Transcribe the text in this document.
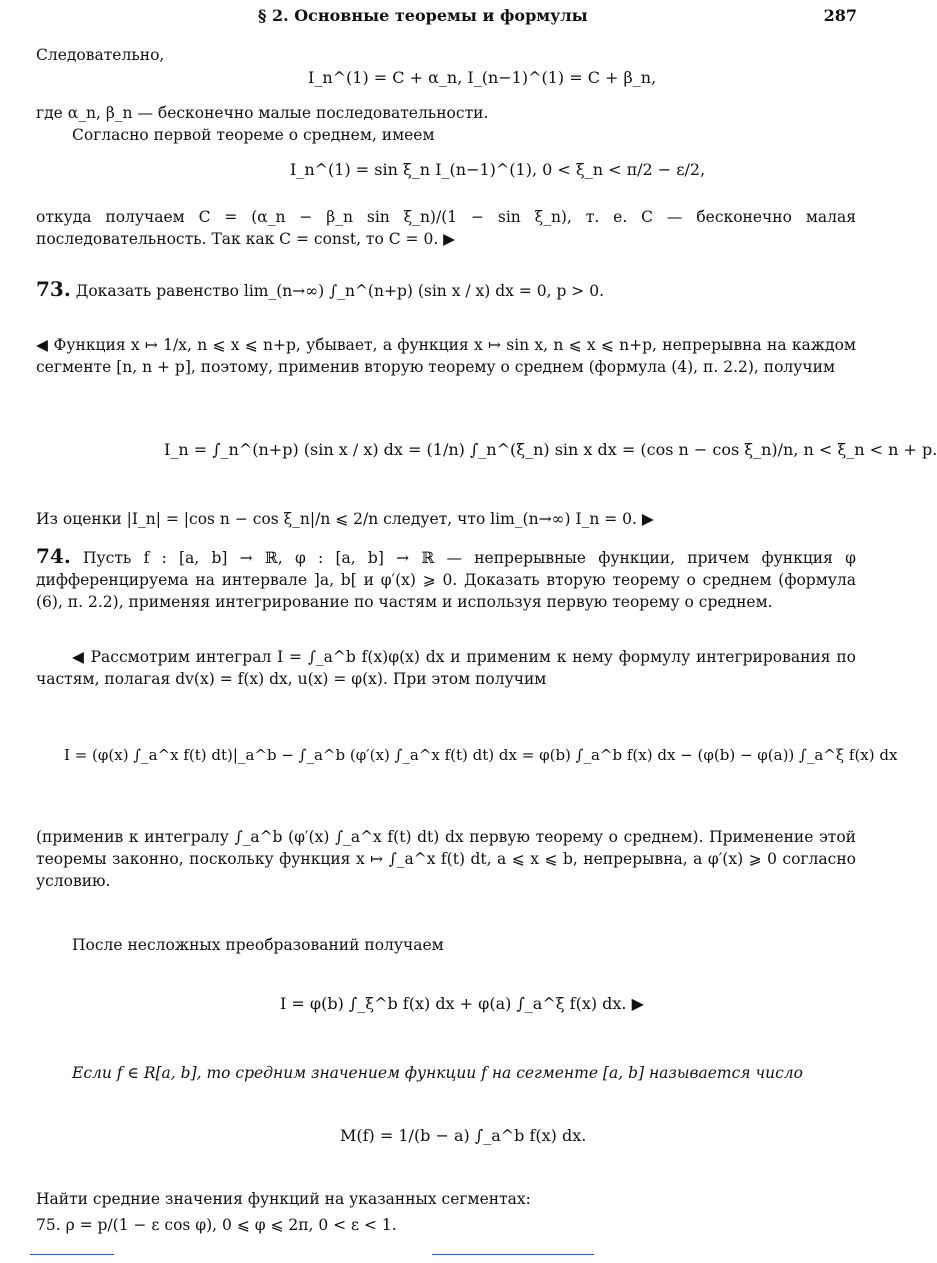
§ 2. Основные теоремы и формулы	287
Следовательно,
I_n^(1) = C + α_n, I_(n−1)^(1) = C + β_n,
где α_n, β_n — бесконечно малые последовательности.
Согласно первой теореме о среднем, имеем
I_n^(1) = sin ξ_n I_(n−1)^(1), 0 < ξ_n < π/2 − ε/2,
откуда получаем C = (α_n − β_n sin ξ_n)/(1 − sin ξ_n), т. е. C — бесконечно малая последовательность. Так как C = const, то C = 0. ▶
73. Доказать равенство lim_(n→∞) ∫_n^(n+p) (sin x / x) dx = 0, p > 0.
◀ Функция x ↦ 1/x, n ⩽ x ⩽ n+p, убывает, а функция x ↦ sin x, n ⩽ x ⩽ n+p, непрерывна на каждом сегменте [n, n + p], поэтому, применив вторую теорему о среднем (формула (4), п. 2.2), получим
I_n = ∫_n^(n+p) (sin x / x) dx = (1/n) ∫_n^(ξ_n) sin x dx = (cos n − cos ξ_n)/n, n < ξ_n < n + p.
Из оценки |I_n| = |cos n − cos ξ_n|/n ⩽ 2/n следует, что lim_(n→∞) I_n = 0. ▶
74. Пусть f : [a, b] → ℝ, φ : [a, b] → ℝ — непрерывные функции, причем функция φ дифференцируема на интервале ]a, b[ и φ′(x) ⩾ 0. Доказать вторую теорему о среднем (формула (6), п. 2.2), применяя интегрирование по частям и используя первую теорему о среднем.
◀ Рассмотрим интеграл I = ∫_a^b f(x)φ(x) dx и применим к нему формулу интегрирования по частям, полагая dv(x) = f(x) dx, u(x) = φ(x). При этом получим
I = (φ(x) ∫_a^x f(t) dt)|_a^b − ∫_a^b (φ′(x) ∫_a^x f(t) dt) dx = φ(b) ∫_a^b f(x) dx − (φ(b) − φ(a)) ∫_a^ξ f(x) dx
(применив к интегралу ∫_a^b (φ′(x) ∫_a^x f(t) dt) dx первую теорему о среднем). Применение этой теоремы законно, поскольку функция x ↦ ∫_a^x f(t) dt, a ⩽ x ⩽ b, непрерывна, а φ′(x) ⩾ 0 согласно условию.
После несложных преобразований получаем
I = φ(b) ∫_ξ^b f(x) dx + φ(a) ∫_a^ξ f(x) dx. ▶
Если f ∈ R[a, b], то средним значением функции f на сегменте [a, b] называется число
M(f) = 1/(b − a) ∫_a^b f(x) dx.
Найти средние значения функций на указанных сегментах:
75. ρ = p/(1 − ε cos φ), 0 ⩽ φ ⩽ 2π, 0 < ε < 1.
